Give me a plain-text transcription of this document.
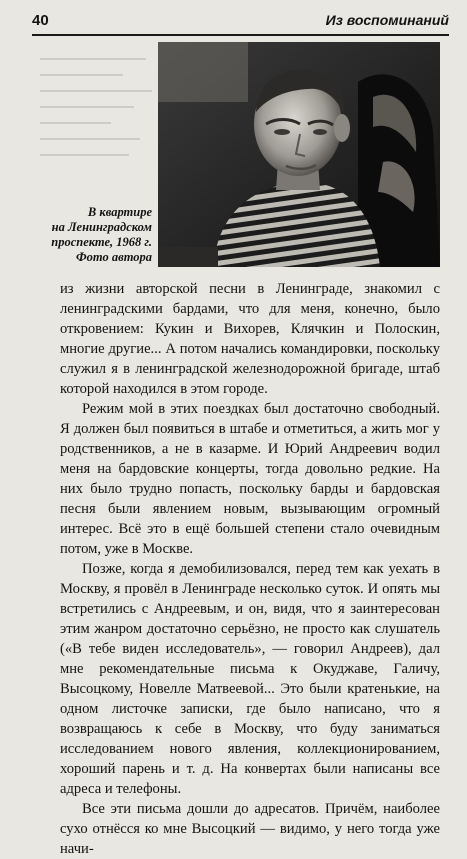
40	Из воспоминаний
В квартире
на Ленинградском
проспекте, 1968 г.
Фото автора

из жизни авторской песни в Ленинграде, знакомил с ленинградскими бардами, что для меня, конечно, было откровением: Кукин и Вихорев, Клячкин и Полоскин, многие другие... А потом начались командировки, поскольку служил я в ленинградской железнодорожной бригаде, штаб которой находился в этом городе.

Режим мой в этих поездках был достаточно свободный. Я должен был появиться в штабе и отметиться, а жить мог у родственников, а не в казарме. И Юрий Андреевич водил меня на бардовские концерты, тогда довольно редкие. На них было трудно попасть, поскольку барды и бардовская песня были явлением новым, вызывающим огромный интерес. Всё это в ещё большей степени стало очевидным потом, уже в Москве.

Позже, когда я демобилизовался, перед тем как уехать в Москву, я провёл в Ленинграде несколько суток. И опять мы встретились с Андреевым, и он, видя, что я заинтересован этим жанром достаточно серьёзно, не просто как слушатель («В тебе виден исследователь», — говорил Андреев), дал мне рекомендательные письма к Окуджаве, Галичу, Высоцкому, Новелле Матвеевой... Это были кратенькие, на одном листочке записки, где было написано, что я возвращаюсь к себе в Москву, что буду заниматься исследованием нового явления, коллекционированием, хороший парень и т. д. На конвертах были написаны все адреса и телефоны.

Все эти письма дошли до адресатов. Причём, наиболее сухо отнёсся ко мне Высоцкий — видимо, у него тогда уже начи-
